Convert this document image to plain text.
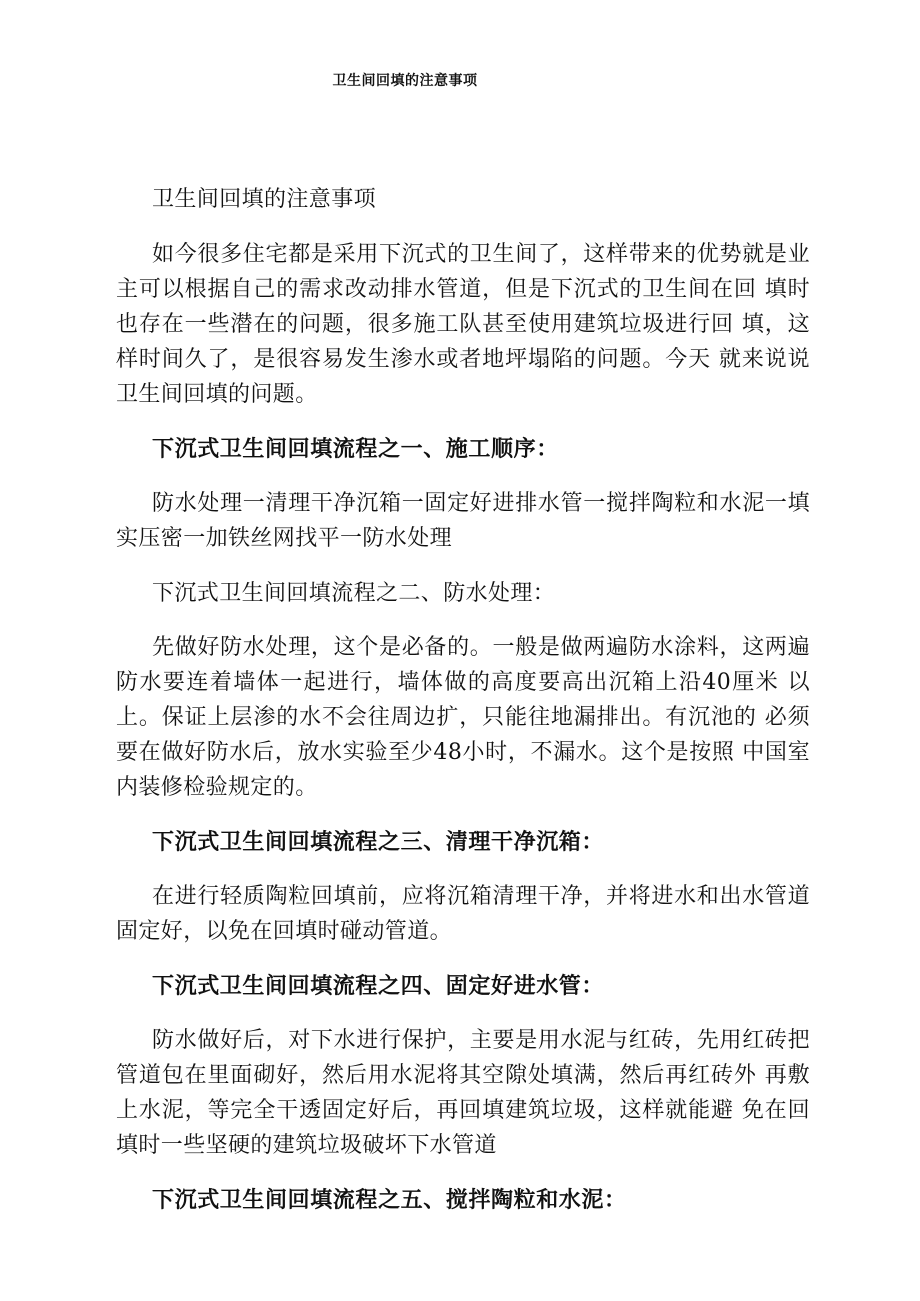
卫生间回填的注意事项

卫生间回填的注意事项

如今很多住宅都是采用下沉式的卫生间了，这样带来的优势就是业主可以根据自己的需求改动排水管道，但是下沉式的卫生间在回 填时也存在一些潜在的问题，很多施工队甚至使用建筑垃圾进行回 填，这样时间久了，是很容易发生渗水或者地坪塌陷的问题。今天 就来说说卫生间回填的问题。

下沉式卫生间回填流程之一、施工顺序：

防水处理一清理干净沉箱一固定好进排水管一搅拌陶粒和水泥一填实压密一加铁丝网找平一防水处理

下沉式卫生间回填流程之二、防水处理：

先做好防水处理，这个是必备的。一般是做两遍防水涂料，这两遍防水要连着墙体一起进行，墙体做的高度要高出沉箱上沿40厘米 以上。保证上层渗的水不会往周边扩，只能往地漏排出。有沉池的 必须要在做好防水后，放水实验至少48小时，不漏水。这个是按照 中国室内装修检验规定的。

下沉式卫生间回填流程之三、清理干净沉箱：

在进行轻质陶粒回填前，应将沉箱清理干净，并将进水和出水管道固定好，以免在回填时碰动管道。

下沉式卫生间回填流程之四、固定好进水管：

防水做好后，对下水进行保护，主要是用水泥与红砖，先用红砖把管道包在里面砌好，然后用水泥将其空隙处填满，然后再红砖外 再敷上水泥，等完全干透固定好后，再回填建筑垃圾，这样就能避 免在回填时一些坚硬的建筑垃圾破坏下水管道

下沉式卫生间回填流程之五、搅拌陶粒和水泥：
